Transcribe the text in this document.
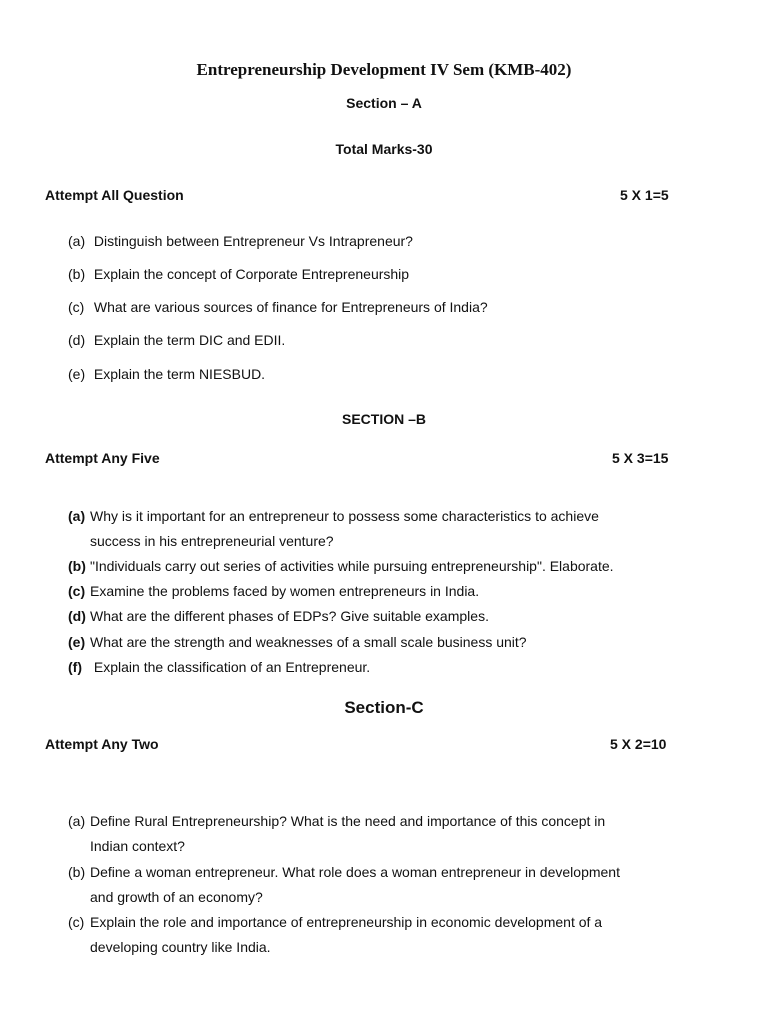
Entrepreneurship Development IV Sem (KMB-402)
Section – A
Total Marks-30
Attempt All Question	5 X 1=5
(a) Distinguish between Entrepreneur Vs Intrapreneur?
(b) Explain the concept of Corporate Entrepreneurship
(c) What are various sources of finance for Entrepreneurs of India?
(d) Explain the term DIC and EDII.
(e) Explain the term NIESBUD.
SECTION –B
Attempt Any Five	5 X 3=15
(a) Why is it important for an entrepreneur to possess some characteristics to achieve
success in his entrepreneurial venture?
(b) "Individuals carry out series of activities while pursuing entrepreneurship". Elaborate.
(c) Examine the problems faced by women entrepreneurs in India.
(d) What are the different phases of EDPs? Give suitable examples.
(e) What are the strength and weaknesses of a small scale business unit?
(f) Explain the classification of an Entrepreneur.
Section-C
Attempt Any Two	5 X 2=10
(a) Define Rural Entrepreneurship? What is the need and importance of this concept in
Indian context?
(b) Define a woman entrepreneur. What role does a woman entrepreneur in development
and growth of an economy?
(c) Explain the role and importance of entrepreneurship in economic development of a
developing country like India.
